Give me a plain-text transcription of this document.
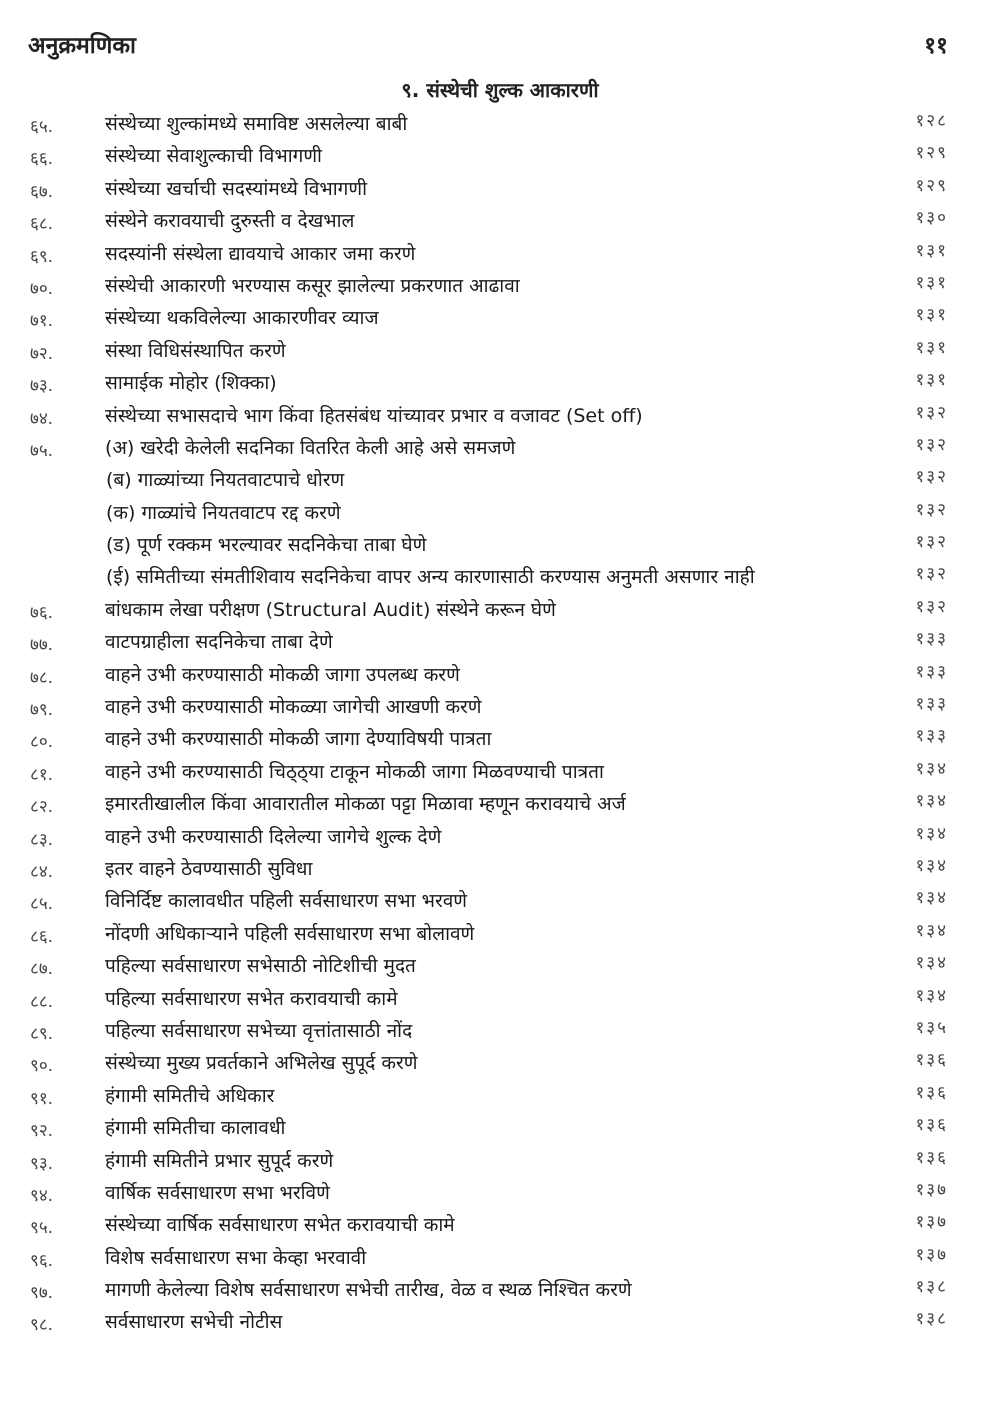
अनुक्रमणिका	११
९. संस्थेची शुल्क आकारणी
६५.	संस्थेच्या शुल्कांमध्ये समाविष्ट असलेल्या बाबी	१२८
६६.	संस्थेच्या सेवाशुल्काची विभागणी	१२९
६७.	संस्थेच्या खर्चाची सदस्यांमध्ये विभागणी	१२९
६८.	संस्थेने करावयाची दुरुस्ती व देखभाल	१३०
६९.	सदस्यांनी संस्थेला द्यावयाचे आकार जमा करणे	१३१
७०.	संस्थेची आकारणी भरण्यास कसूर झालेल्या प्रकरणात आढावा	१३१
७१.	संस्थेच्या थकविलेल्या आकारणीवर व्याज	१३१
७२.	संस्था विधिसंस्थापित करणे	१३१
७३.	सामाईक मोहोर (शिक्का)	१३१
७४.	संस्थेच्या सभासदाचे भाग किंवा हितसंबंध यांच्यावर प्रभार व वजावट (Set off)	१३२
७५.	(अ) खरेदी केलेली सदनिका वितरित केली आहे असे समजणे	१३२
(ब) गाळ्यांच्या नियतवाटपाचे धोरण	१३२
(क) गाळ्यांचे नियतवाटप रद्द करणे	१३२
(ड) पूर्ण रक्कम भरल्यावर सदनिकेचा ताबा घेणे	१३२
(ई) समितीच्या संमतीशिवाय सदनिकेचा वापर अन्य कारणासाठी करण्यास अनुमती असणार नाही	१३२
७६.	बांधकाम लेखा परीक्षण (Structural Audit) संस्थेने करून घेणे	१३२
७७.	वाटपग्राहीला सदनिकेचा ताबा देणे	१३३
७८.	वाहने उभी करण्यासाठी मोकळी जागा उपलब्ध करणे	१३३
७९.	वाहने उभी करण्यासाठी मोकळ्या जागेची आखणी करणे	१३३
८०.	वाहने उभी करण्यासाठी मोकळी जागा देण्याविषयी पात्रता	१३३
८१.	वाहने उभी करण्यासाठी चिठ्ठ्या टाकून मोकळी जागा मिळवण्याची पात्रता	१३४
८२.	इमारतीखालील किंवा आवारातील मोकळा पट्टा मिळावा म्हणून करावयाचे अर्ज	१३४
८३.	वाहने उभी करण्यासाठी दिलेल्या जागेचे शुल्क देणे	१३४
८४.	इतर वाहने ठेवण्यासाठी सुविधा	१३४
८५.	विनिर्दिष्ट कालावधीत पहिली सर्वसाधारण सभा भरवणे	१३४
८६.	नोंदणी अधिकाऱ्याने पहिली सर्वसाधारण सभा बोलावणे	१३४
८७.	पहिल्या सर्वसाधारण सभेसाठी नोटिशीची मुदत	१३४
८८.	पहिल्या सर्वसाधारण सभेत करावयाची कामे	१३४
८९.	पहिल्या सर्वसाधारण सभेच्या वृत्तांतासाठी नोंद	१३५
९०.	संस्थेच्या मुख्य प्रवर्तकाने अभिलेख सुपूर्द करणे	१३६
९१.	हंगामी समितीचे अधिकार	१३६
९२.	हंगामी समितीचा कालावधी	१३६
९३.	हंगामी समितीने प्रभार सुपूर्द करणे	१३६
९४.	वार्षिक सर्वसाधारण सभा भरविणे	१३७
९५.	संस्थेच्या वार्षिक सर्वसाधारण सभेत करावयाची कामे	१३७
९६.	विशेष सर्वसाधारण सभा केव्हा भरवावी	१३७
९७.	मागणी केलेल्या विशेष सर्वसाधारण सभेची तारीख, वेळ व स्थळ निश्चित करणे	१३८
९८.	सर्वसाधारण सभेची नोटीस	१३८
